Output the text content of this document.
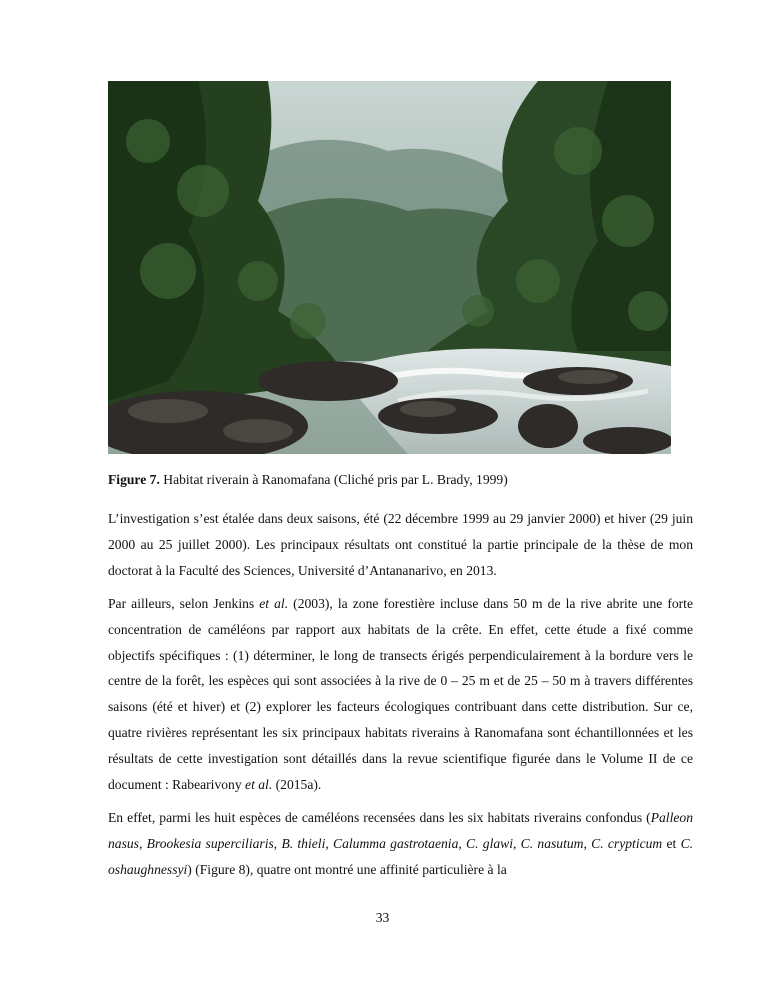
Figure 7. Habitat riverain à Ranomafana (Cliché pris par L. Brady, 1999)

L’investigation s’est étalée dans deux saisons, été (22 décembre 1999 au 29 janvier 2000) et hiver (29 juin 2000 au 25 juillet 2000). Les principaux résultats ont constitué la partie principale de la thèse de mon doctorat à la Faculté des Sciences, Université d’Antananarivo, en 2013.

Par ailleurs, selon Jenkins et al. (2003), la zone forestière incluse dans 50 m de la rive abrite une forte concentration de caméléons par rapport aux habitats de la crête. En effet, cette étude a fixé comme objectifs spécifiques : (1) déterminer, le long de transects érigés perpendiculairement à la bordure vers le centre de la forêt, les espèces qui sont associées à la rive de 0 – 25 m et de 25 – 50 m à travers différentes saisons (été et hiver) et (2) explorer les facteurs écologiques contribuant dans cette distribution. Sur ce, quatre rivières représentant les six principaux habitats riverains à Ranomafana sont échantillonnées et les résultats de cette investigation sont détaillés dans la revue scientifique figurée dans le Volume II de ce document : Rabearivony et al. (2015a).

En effet, parmi les huit espèces de caméléons recensées dans les six habitats riverains confondus (Palleon nasus, Brookesia superciliaris, B. thieli, Calumma gastrotaenia, C. glawi, C. nasutum, C. crypticum et C. oshaughnessyi) (Figure 8), quatre ont montré une affinité particulière à la

33
